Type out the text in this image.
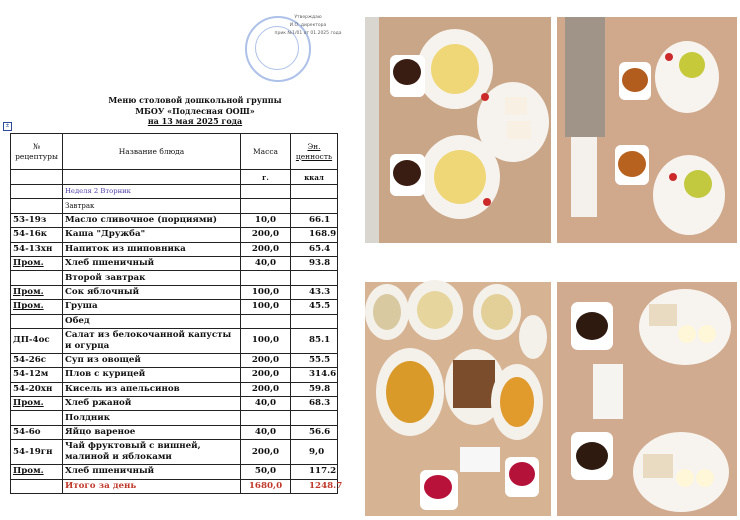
Утверждаю
И.О. директора
прик №1/01 от 01.2025 года
Меню столовой дошкольной группы
МБОУ «Подлесная ООШ»
на 13 мая 2025 года
±
№ рецептуры	Название блюда	Масса	Эн. ценность
		г.	ккал
	Неделя 2 Вторник		
	Завтрак		
53-19з	Масло сливочное (порциями)	10,0	66.1
54-16к	Каша "Дружба"	200,0	168.9
54-13хн	Напиток из шиповника	200,0	65.4
Пром.	Хлеб пшеничный	40,0	93.8
	Второй завтрак		
Пром.	Сок яблочный	100,0	43.3
Пром.	Груша	100,0	45.5
	Обед		
ДП-4ос	Салат из белокочанной капусты и огурца	100,0	85.1
54-26с	Суп из овощей	200,0	55.5
54-12м	Плов с курицей	200,0	314.6
54-20хн	Кисель из апельсинов	200,0	59.8
Пром.	Хлеб ржаной	40,0	68.3
	Полдник		
54-6о	Яйцо вареное	40,0	56.6
54-19гн	Чай фруктовый с вишней, малиной и яблоками	200,0	9,0
Пром.	Хлеб пшеничный	50,0	117.2
	Итого за день	1680,0	1248.7
